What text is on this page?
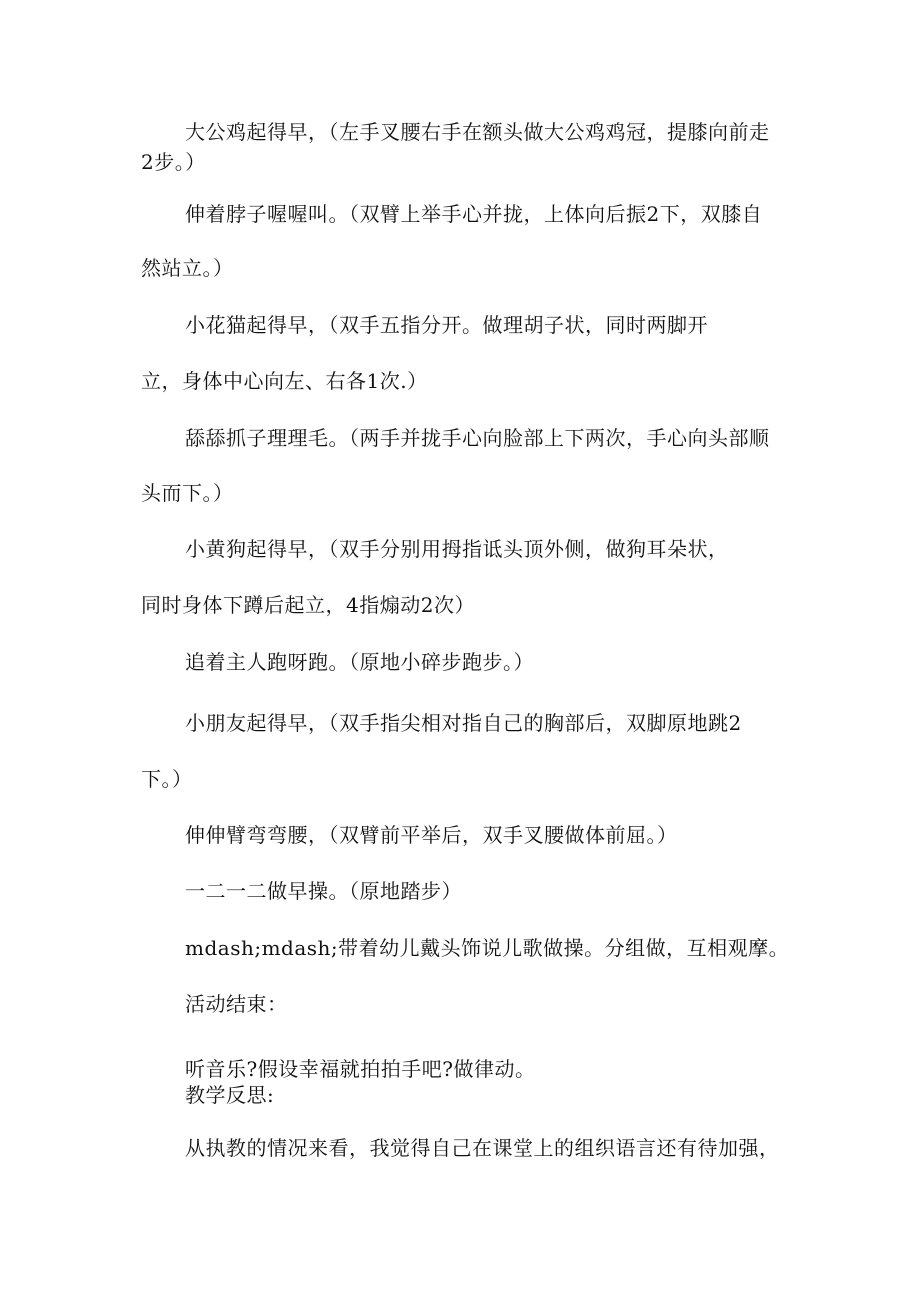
大公鸡起得早，（左手叉腰右手在额头做大公鸡鸡冠，提膝向前走

2步。）

伸着脖子喔喔叫。（双臂上举手心并拢，上体向后振2下，双膝自

然站立。）

小花猫起得早，（双手五指分开。做理胡子状，同时两脚开

立，身体中心向左、右各1次.）

舔舔抓子理理毛。（两手并拢手心向脸部上下两次，手心向头部顺

头而下。）

小黄狗起得早，（双手分别用拇指诋头顶外侧，做狗耳朵状，

同时身体下蹲后起立，4指煽动2次）

追着主人跑呀跑。（原地小碎步跑步。）

小朋友起得早，（双手指尖相对指自己的胸部后，双脚原地跳2

下。）

伸伸臂弯弯腰，（双臂前平举后，双手叉腰做体前屈。）

一二一二做早操。（原地踏步）

mdash;mdash;带着幼儿戴头饰说儿歌做操。分组做，互相观摩。

活动结束：

听音乐?假设幸福就拍拍手吧?做律动。

教学反思:

从执教的情况来看，我觉得自己在课堂上的组织语言还有待加强，
